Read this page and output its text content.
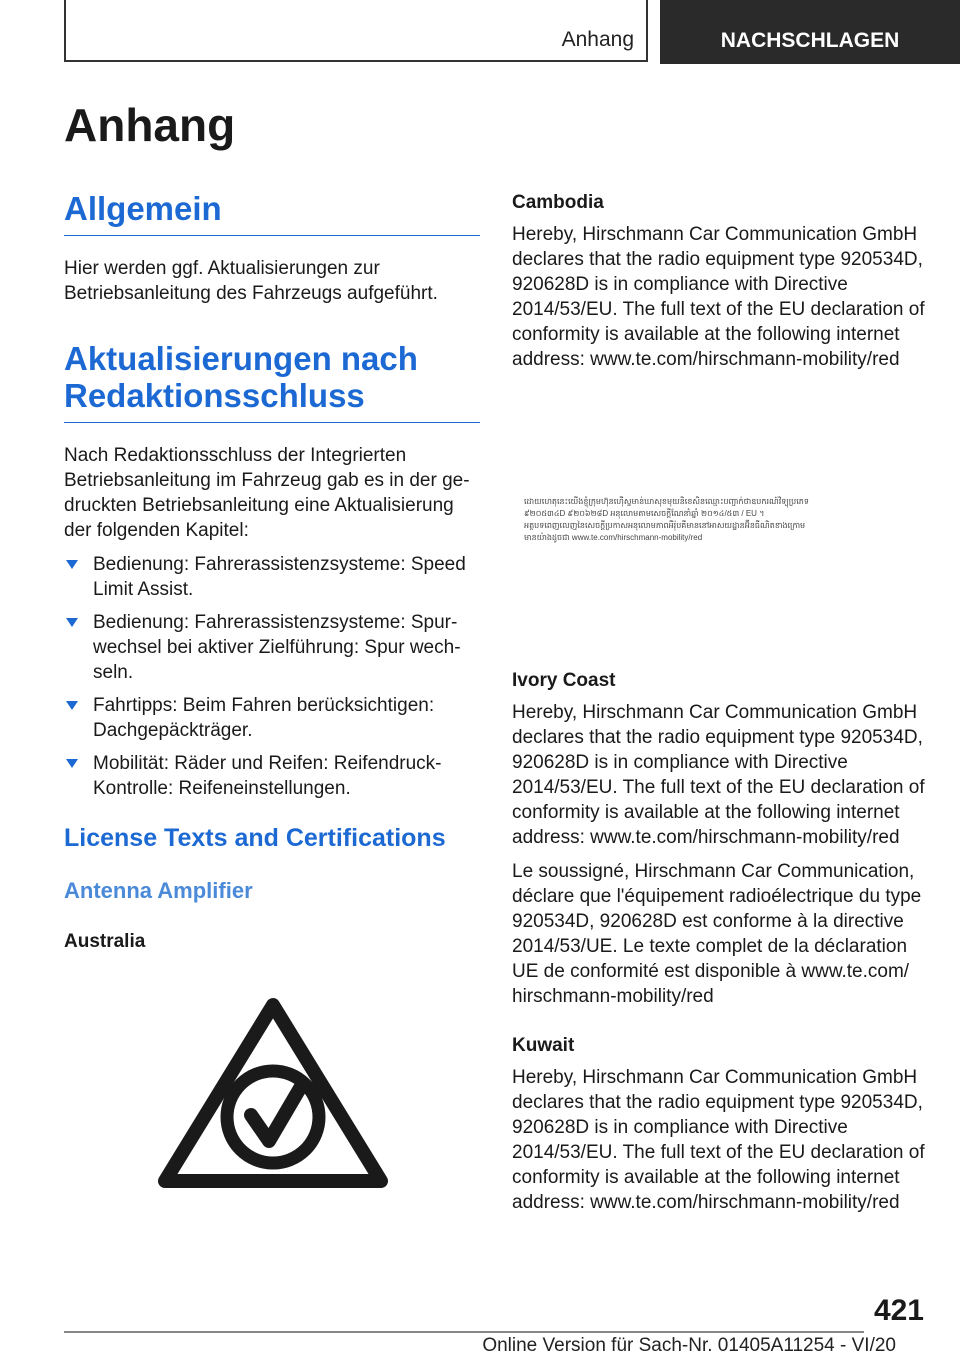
Anhang	NACHSCHLAGEN
Anhang
Allgemein

Hier werden ggf. Aktualisierungen zur Betriebsanleitung des Fahrzeugs aufgeführt.

Aktualisierungen nach
Redaktionsschluss

Nach Redaktionsschluss der Integrierten Betriebsanleitung im Fahrzeug gab es in der gedruckten Betriebsanleitung eine Aktualisierung der folgenden Kapitel:

Bedienung: Fahrerassistenzsysteme: Speed Limit Assist.
Bedienung: Fahrerassistenzsysteme: Spurwechsel bei aktiver Zielführung: Spur wechseln.
Fahrtipps: Beim Fahren berücksichtigen: Dachgepäckträger.
Mobilität: Räder und Reifen: Reifendruck-Kontrolle: Reifeneinstellungen.
License Texts and Certifications
Antenna Amplifier
Australia
Cambodia

Hereby, Hirschmann Car Communication GmbH declares that the radio equipment type 920534D, 920628D is in compliance with Directive 2014/53/EU. The full text of the EU declaration of conformity is available at the following internet address: www.te.com/hirschmann-mobility/red

ដោយហេតុនេះយើងខ្ញុំក្រុមហ៊ុនហ៊ើស្ចមាន់ឃាសុខមុយនិខេសិនឈ្មោះបញ្ជាក់ថាឧបករណ៍វិទ្យុប្រភេទ
៩២០៥៣៤D ៩២០៦២៨D អនុលោមតាមសេចក្តីណែនាំឆ្នាំ ២០១៤/៥៣ / EU ។
អត្ថបទពេញលេញនៃសេចក្តីប្រកាសអនុលោមភាពអឺរ៉ុបគឺមាននៅអាសយដ្ឋានអ៊ីនធឺណិតខាងក្រោម
មានយ៉ាងដូចជា www.te.com/hirschmann-mobility/red
Ivory Coast

Hereby, Hirschmann Car Communication GmbH declares that the radio equipment type 920534D, 920628D is in compliance with Directive 2014/53/EU. The full text of the EU declaration of conformity is available at the following internet address: www.te.com/hirschmann-mobility/red

Le soussigné, Hirschmann Car Communication, déclare que l'équipement radioélectrique du type 920534D, 920628D est conforme à la directive 2014/53/UE. Le texte complet de la déclaration UE de conformité est disponible à www.te.com/ hirschmann-mobility/red

Kuwait

Hereby, Hirschmann Car Communication GmbH declares that the radio equipment type 920534D, 920628D is in compliance with Directive 2014/53/EU. The full text of the EU declaration of conformity is available at the following internet address: www.te.com/hirschmann-mobility/red

421
Online Version für Sach-Nr. 01405A11254 - VI/20
